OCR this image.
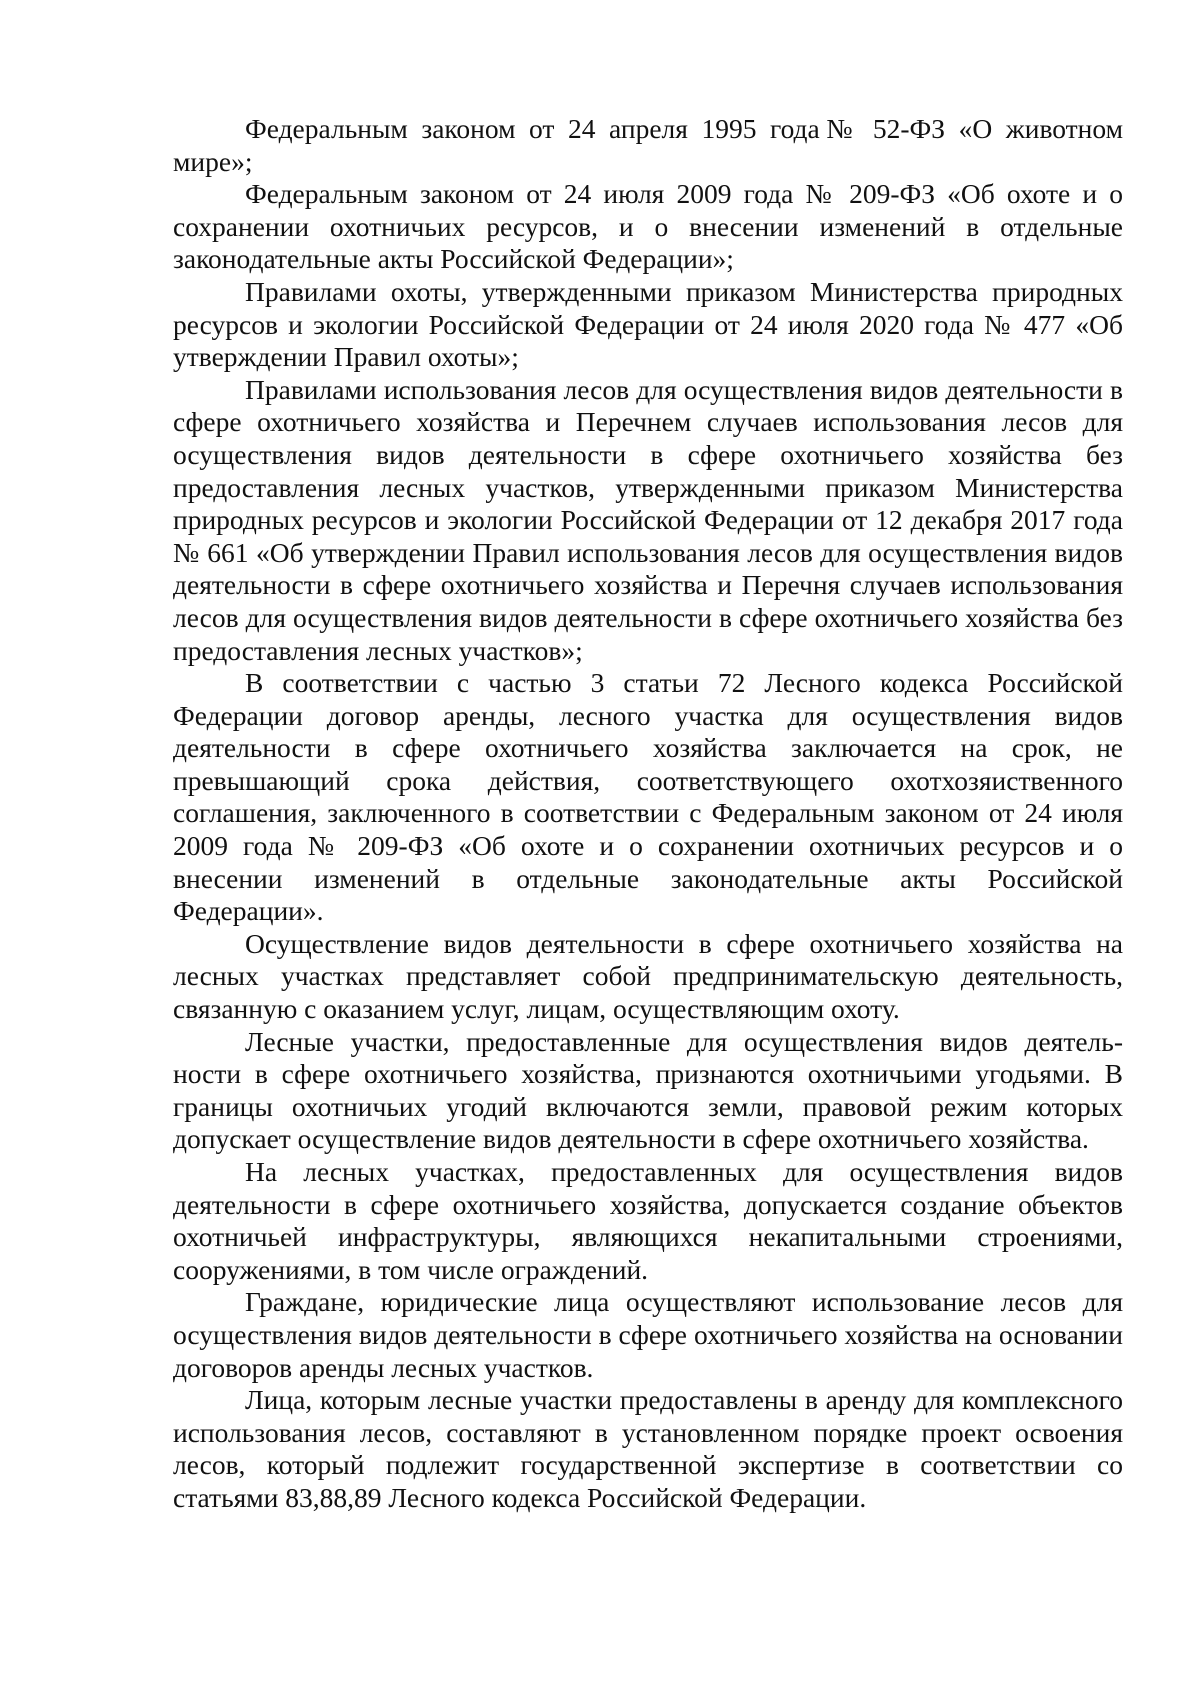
Федеральным законом от 24 апреля 1995 года№ 52-ФЗ «О животном мире»;

Федеральным законом от 24 июля 2009 года № 209-ФЗ «Об охоте и о сохранении охотничьих ресурсов, и о внесении изменений в отдельные законодательные акты Российской Федерации»;

Правилами охоты, утвержденными приказом Министерства природных ресурсов и экологии Российской Федерации от 24 июля 2020 года № 477 «Об утверждении Правил охоты»;

Правилами использования лесов для осуществления видов деятельности в сфере охотничьего хозяйства и Перечнем случаев использования лесов для осуществления видов деятельности в сфере охотничьего хозяйства без предоставления лесных участков, утвержденными приказом Министерства природных ресурсов и экологии Российской Федерации от 12 декабря 2017 года № 661 «Об утверждении Правил использования лесов для осуществления видов деятельности в сфере охотничьего хозяйства и Перечня случаев использования лесов для осуществления видов деятельности в сфере охотничьего хозяйства без предоставления лесных участков»;

В соответствии с частью 3 статьи 72 Лесного кодекса Российской Федерации договор аренды, лесного участка для осуществления видов деятельности в сфере охотничьего хозяйства заключается на срок, не превышающий срока действия, соответствующего охотхозяиственного соглашения, заключенного в соответствии с Федеральным законом от 24 июля 2009 года № 209-ФЗ «Об охоте и о сохранении охотничьих ресурсов и о внесении изменений в отдельные законодательные акты Российской Федерации».

Осуществление видов деятельности в сфере охотничьего хозяйства на лесных участках представляет собой предпринимательскую деятельность, связанную с оказанием услуг, лицам, осуществляющим охоту.

Лесные участки, предоставленные для осуществления видов деятельности в сфере охотничьего хозяйства, признаются охотничьими угодьями. В границы охотничьих угодий включаются земли, правовой режим которых допускает осуществление видов деятельности в сфере охотничьего хозяйства.

На лесных участках, предоставленных для осуществления видов деятельности в сфере охотничьего хозяйства, допускается создание объектов охотничьей инфраструктуры, являющихся некапитальными строениями, сооружениями, в том числе ограждений.

Граждане, юридические лица осуществляют использование лесов для осуществления видов деятельности в сфере охотничьего хозяйства на основании договоров аренды лесных участков.

Лица, которым лесные участки предоставлены в аренду для комплексного использования лесов, составляют в установленном порядке проект освоения лесов, который подлежит государственной экспертизе в соответствии со статьями 83,88,89 Лесного кодекса Российской Федерации.
